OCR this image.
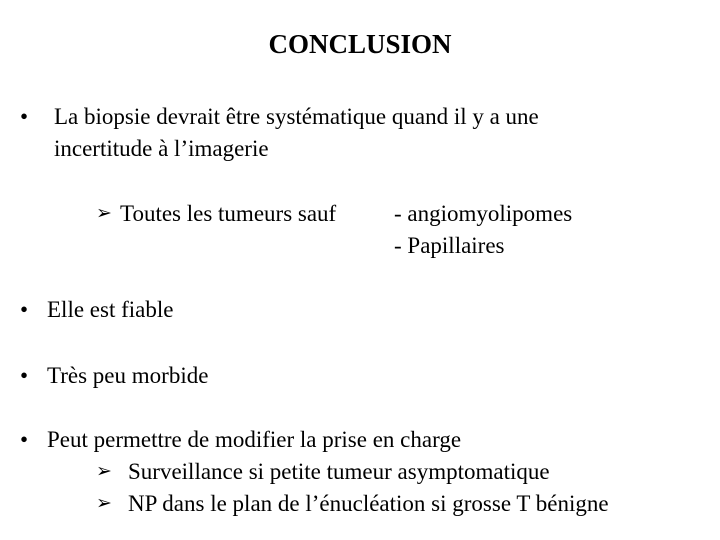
CONCLUSION
• La biopsie devrait être systématique quand il y a une
incertitude à l’imagerie
➢ Toutes les tumeurs sauf	- angiomyolipomes
- Papillaires
• Elle est fiable
• Très peu morbide
• Peut permettre de modifier la prise en charge
➢ Surveillance si petite tumeur asymptomatique
➢ NP dans le plan de l’énucléation si grosse T bénigne
